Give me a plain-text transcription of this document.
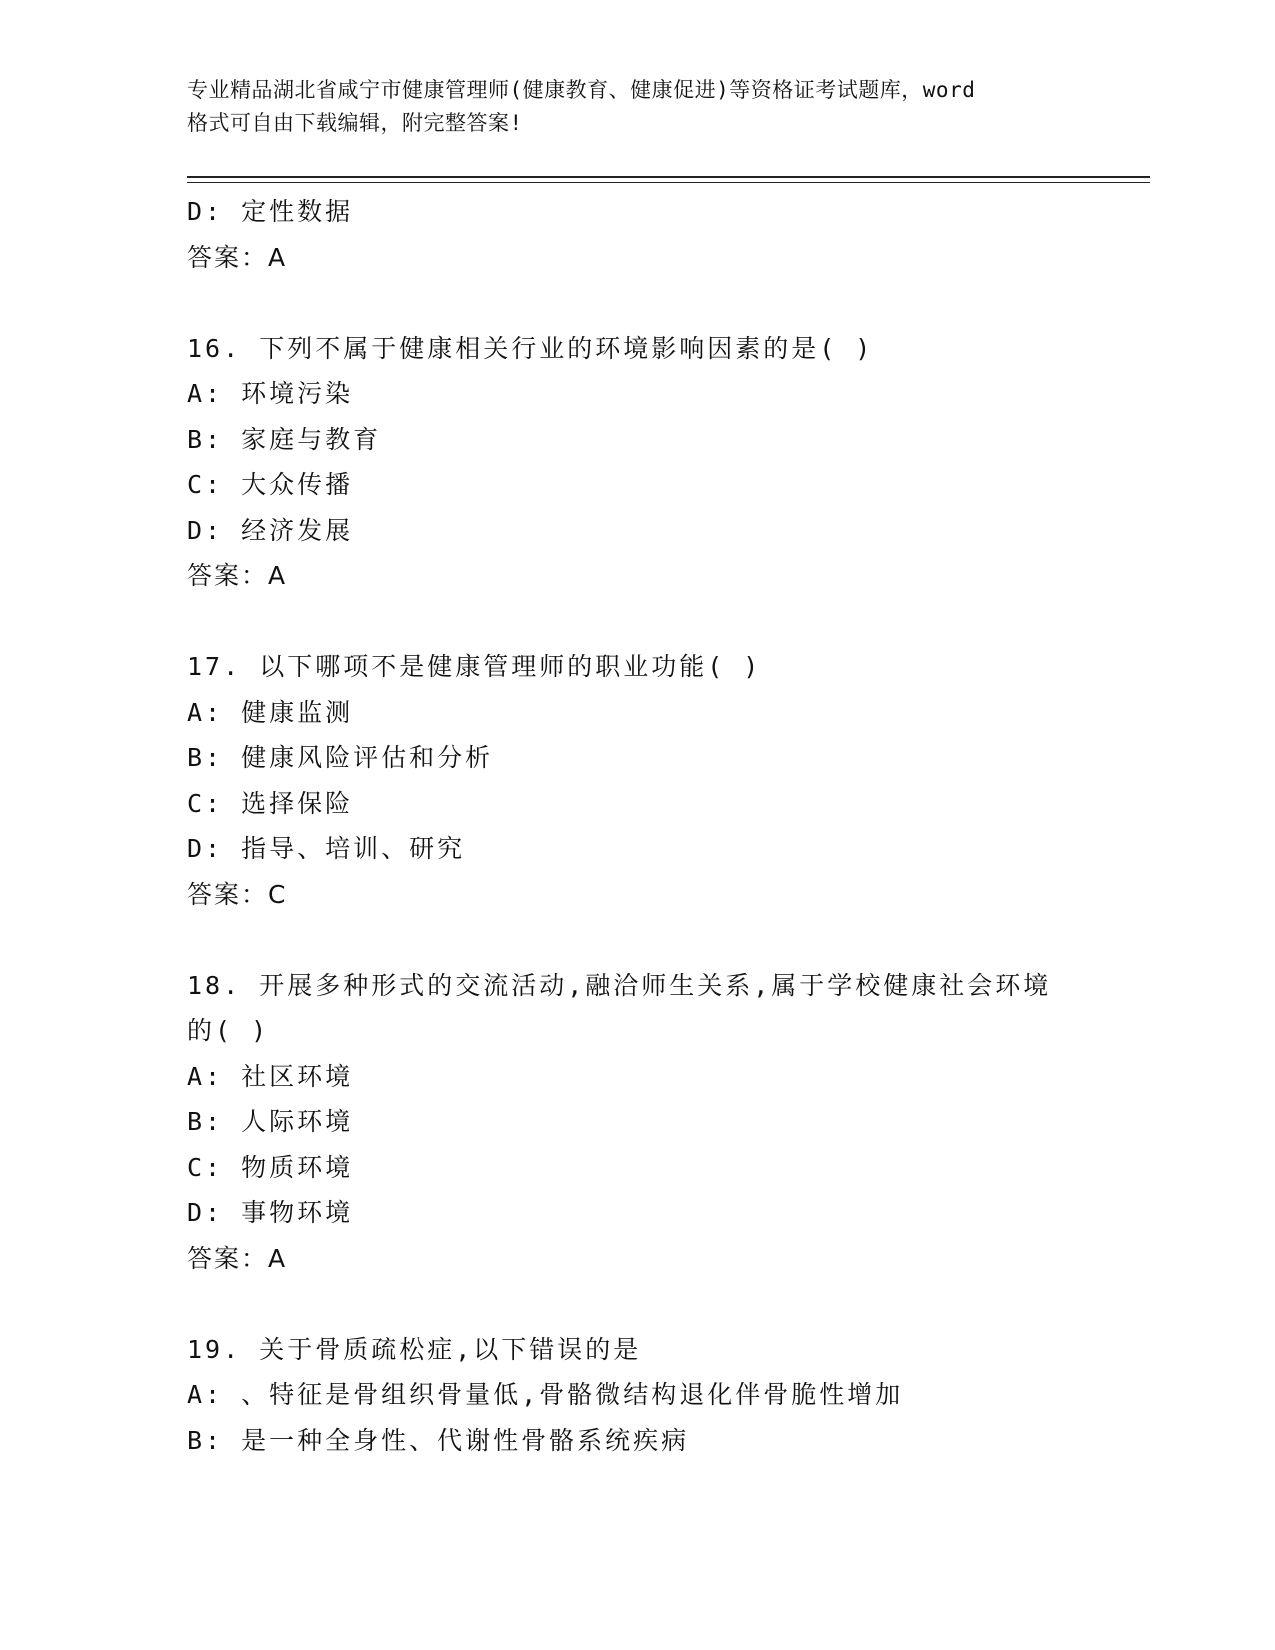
专业精品湖北省咸宁市健康管理师(健康教育、健康促进)等资格证考试题库，word
格式可自由下载编辑，附完整答案!
D: 定性数据
答案：A
16. 下列不属于健康相关行业的环境影响因素的是( )
A: 环境污染
B: 家庭与教育
C: 大众传播
D: 经济发展
答案：A
17. 以下哪项不是健康管理师的职业功能( )
A: 健康监测
B: 健康风险评估和分析
C: 选择保险
D: 指导、培训、研究
答案：C
18. 开展多种形式的交流活动,融洽师生关系,属于学校健康社会环境
的( )
A: 社区环境
B: 人际环境
C: 物质环境
D: 事物环境
答案：A
19. 关于骨质疏松症,以下错误的是
A: 、特征是骨组织骨量低,骨骼微结构退化伴骨脆性增加
B: 是一种全身性、代谢性骨骼系统疾病
